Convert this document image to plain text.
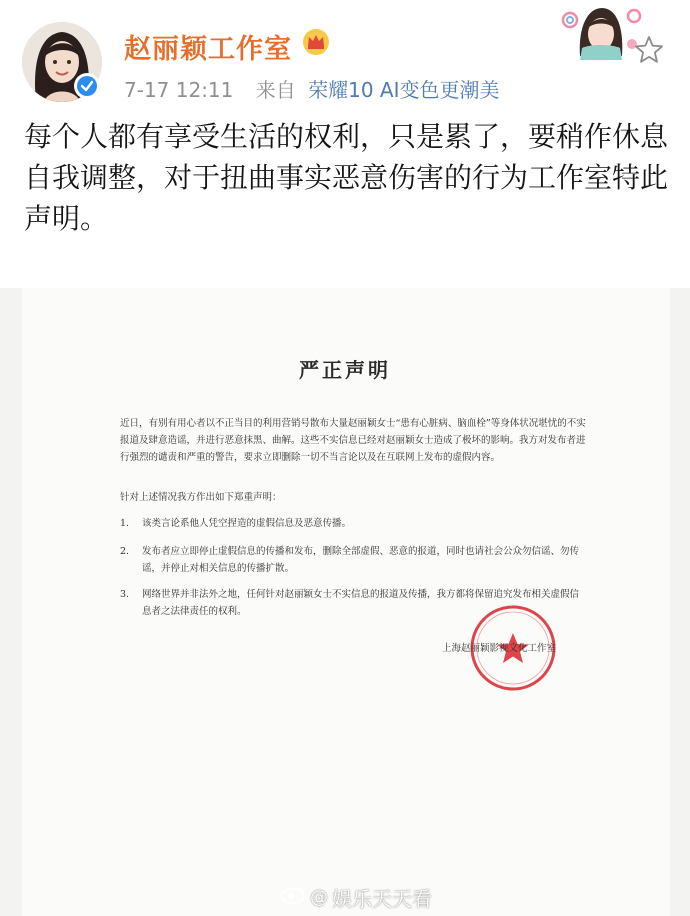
赵丽颖工作室
7-17 12:11 来自 荣耀10 AI变色更潮美

每个人都有享受生活的权利，只是累了，要稍作休息自我调整，对于扭曲事实恶意伤害的行为工作室特此声明。

严正声明

近日，有别有用心者以不正当目的利用营销号散布大量赵丽颖女士“患有心脏病、脑血栓”等身体状况堪忧的不实报道及肆意造谣，并进行恶意抹黑、曲解。这些不实信息已经对赵丽颖女士造成了极坏的影响。我方对发布者进行强烈的谴责和严重的警告，要求立即删除一切不当言论以及在互联网上发布的虚假内容。

针对上述情况我方作出如下郑重声明：

1.	该类言论系他人凭空捏造的虚假信息及恶意传播。
2.	发布者应立即停止虚假信息的传播和发布，删除全部虚假、恶意的报道，同时也请社会公众勿信谣、勿传谣，并停止对相关信息的传播扩散。
3.	网络世界并非法外之地，任何针对赵丽颖女士不实信息的报道及传播，我方都将保留追究发布相关虚假信息者之法律责任的权利。
上海赵丽颖影视文化工作室
@ 娱乐天天看
